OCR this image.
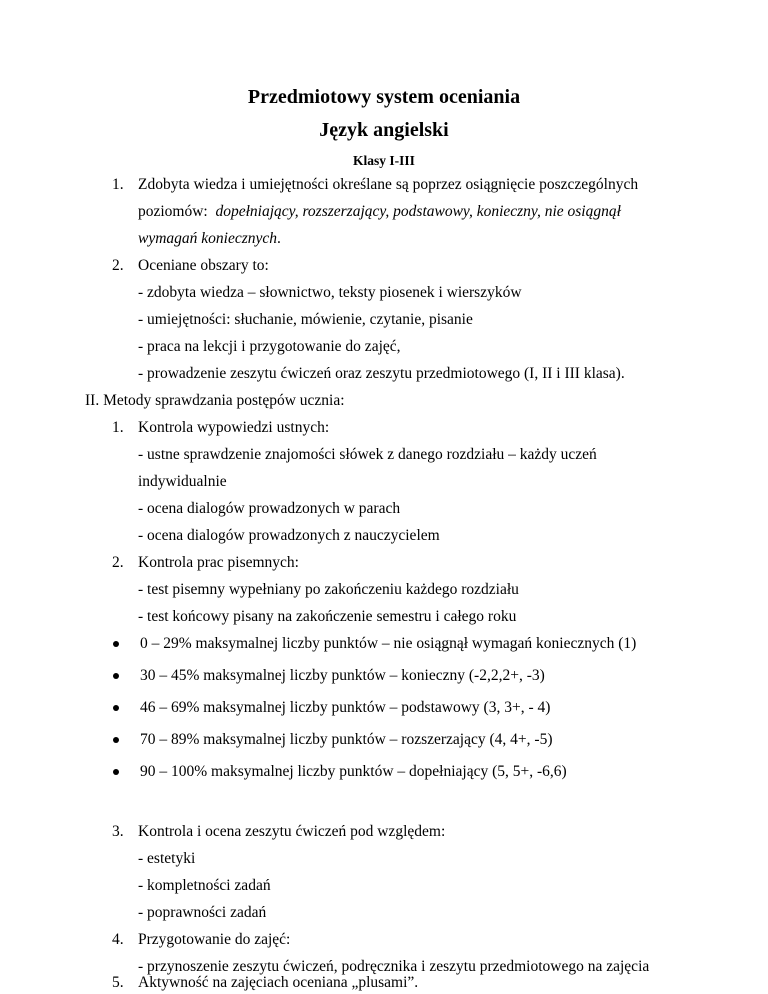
Przedmiotowy system oceniania
Język angielski
Klasy I-III
1. Zdobyta wiedza i umiejętności określane są poprzez osiągnięcie poszczególnych
poziomów: dopełniający, rozszerzający, podstawowy, konieczny, nie osiągnął
wymagań koniecznych.
2. Oceniane obszary to:
- zdobyta wiedza – słownictwo, teksty piosenek i wierszyków
- umiejętności: słuchanie, mówienie, czytanie, pisanie
- praca na lekcji i przygotowanie do zajęć,
- prowadzenie zeszytu ćwiczeń oraz zeszytu przedmiotowego (I, II i III klasa).
II. Metody sprawdzania postępów ucznia:
1. Kontrola wypowiedzi ustnych:
- ustne sprawdzenie znajomości słówek z danego rozdziału – każdy uczeń
indywidualnie
- ocena dialogów prowadzonych w parach
- ocena dialogów prowadzonych z nauczycielem
2. Kontrola prac pisemnych:
- test pisemny wypełniany po zakończeniu każdego rozdziału
- test końcowy pisany na zakończenie semestru i całego roku
0 – 29% maksymalnej liczby punktów – nie osiągnął wymagań koniecznych (1)
30 – 45% maksymalnej liczby punktów – konieczny (-2,2,2+, -3)
46 – 69% maksymalnej liczby punktów – podstawowy (3, 3+, - 4)
70 – 89% maksymalnej liczby punktów – rozszerzający (4, 4+, -5)
90 – 100% maksymalnej liczby punktów – dopełniający (5, 5+, -6,6)
3. Kontrola i ocena zeszytu ćwiczeń pod względem:
- estetyki
- kompletności zadań
- poprawności zadań
4. Przygotowanie do zajęć:
- przynoszenie zeszytu ćwiczeń, podręcznika i zeszytu przedmiotowego na zajęcia
5. Aktywność na zajęciach oceniana „plusami”.
